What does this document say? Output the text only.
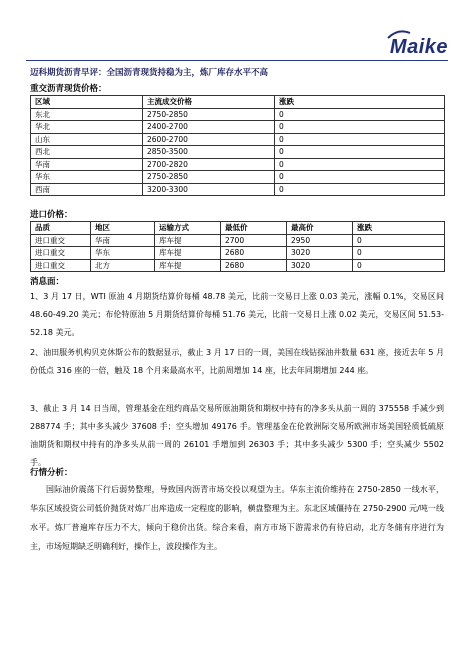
Maike
迈科期货沥青早评：全国沥青现货持稳为主，炼厂库存水平不高
重交沥青现货价格：
区域	主流成交价格	涨跌
东北	2750-2850	0
华北	2400-2700	0
山东	2600-2700	0
西北	2850-3500	0
华南	2700-2820	0
华东	2750-2850	0
西南	3200-3300	0
进口价格：
品质	地区	运输方式	最低价	最高价	涨跌
进口重交	华南	库车提	2700	2950	0
进口重交	华东	库车提	2680	3020	0
进口重交	北方	库车提	2680	3020	0
消息面：
1、3 月 17 日，WTI 原油 4 月期货结算价每桶 48.78 美元，比前一交易日上涨 0.03 美元，涨幅 0.1%，交易区间 48.60-49.20 美元；布伦特原油 5 月期货结算价每桶 51.76 美元，比前一交易日上涨 0.02 美元，交易区间 51.53-52.18 美元。
2、油田服务机构贝克休斯公布的数据显示，截止 3 月 17 日的一周，美国在线钻探油井数量 631 座，接近去年 5 月份低点 316 座的一倍，触及 18 个月来最高水平，比前周增加 14 座，比去年同期增加 244 座。
3、截止 3 月 14 日当周，管理基金在纽约商品交易所原油期货和期权中持有的净多头从前一周的 375558 手减少到 288774 手；其中多头减少 37608 手；空头增加 49176 手。管理基金在伦敦洲际交易所欧洲市场美国轻质低硫原油期货和期权中持有的净多头从前一周的 26101 手增加到 26303 手；其中多头减少 5300 手；空头减少 5502 手。
行情分析：
国际油价震荡下行后弱势整理，导致国内沥青市场交投以观望为主。华东主流价维持在 2750-2850 一线水平，华东区域投资公司低价抛货对炼厂出库造成一定程度的影响，横盘整理为主。东北区域僵持在 2750-2900 元/吨一线水平。炼厂普遍库存压力不大，倾向于稳价出货。综合来看，南方市场下游需求仍有待启动，北方冬储有序进行为主，市场短期缺乏明确利好，操作上，波段操作为主。
